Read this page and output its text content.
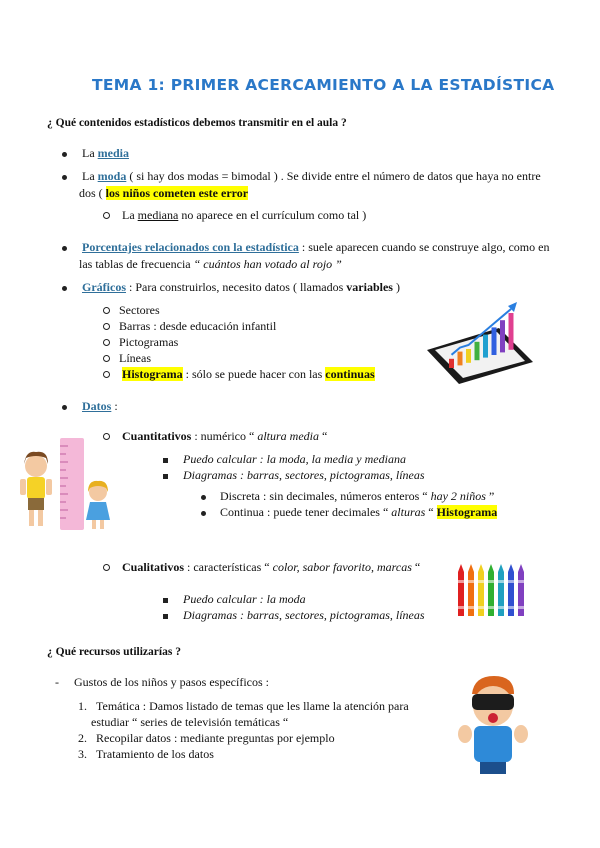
TEMA 1: PRIMER ACERCAMIENTO A LA ESTADÍSTICA
¿ Qué contenidos estadísticos debemos transmitir en el aula ?
La media
La moda ( si hay dos modas = bimodal ) . Se divide entre el número de datos que haya no entre
dos ( los niños cometen este error
La mediana no aparece en el currículum como tal )
Porcentajes relacionados con la estadística : suele aparecen cuando se construye algo, como en
las tablas de frecuencia “ cuántos han votado al rojo ”
Gráficos : Para construirlos, necesito datos ( llamados variables )
Sectores
Barras : desde educación infantil
Pictogramas
Líneas
Histograma : sólo se puede hacer con las continuas
Datos :
Cuantitativos : numérico “ altura media “
Puedo calcular : la moda, la media y mediana
Diagramas : barras, sectores, pictogramas, líneas
Discreta : sin decimales, números enteros “ hay 2 niños ”
Continua : puede tener decimales “ alturas “ Histograma
Cualitativos : características “ color, sabor favorito, marcas “
Puedo calcular : la moda
Diagramas : barras, sectores, pictogramas, líneas
¿ Qué recursos utilizarías ?
- Gustos de los niños y pasos específicos :
1. Temática : Damos listado de temas que les llame la atención para
estudiar “ series de televisión temáticas “
2. Recopilar datos : mediante preguntas por ejemplo
3. Tratamiento de los datos
